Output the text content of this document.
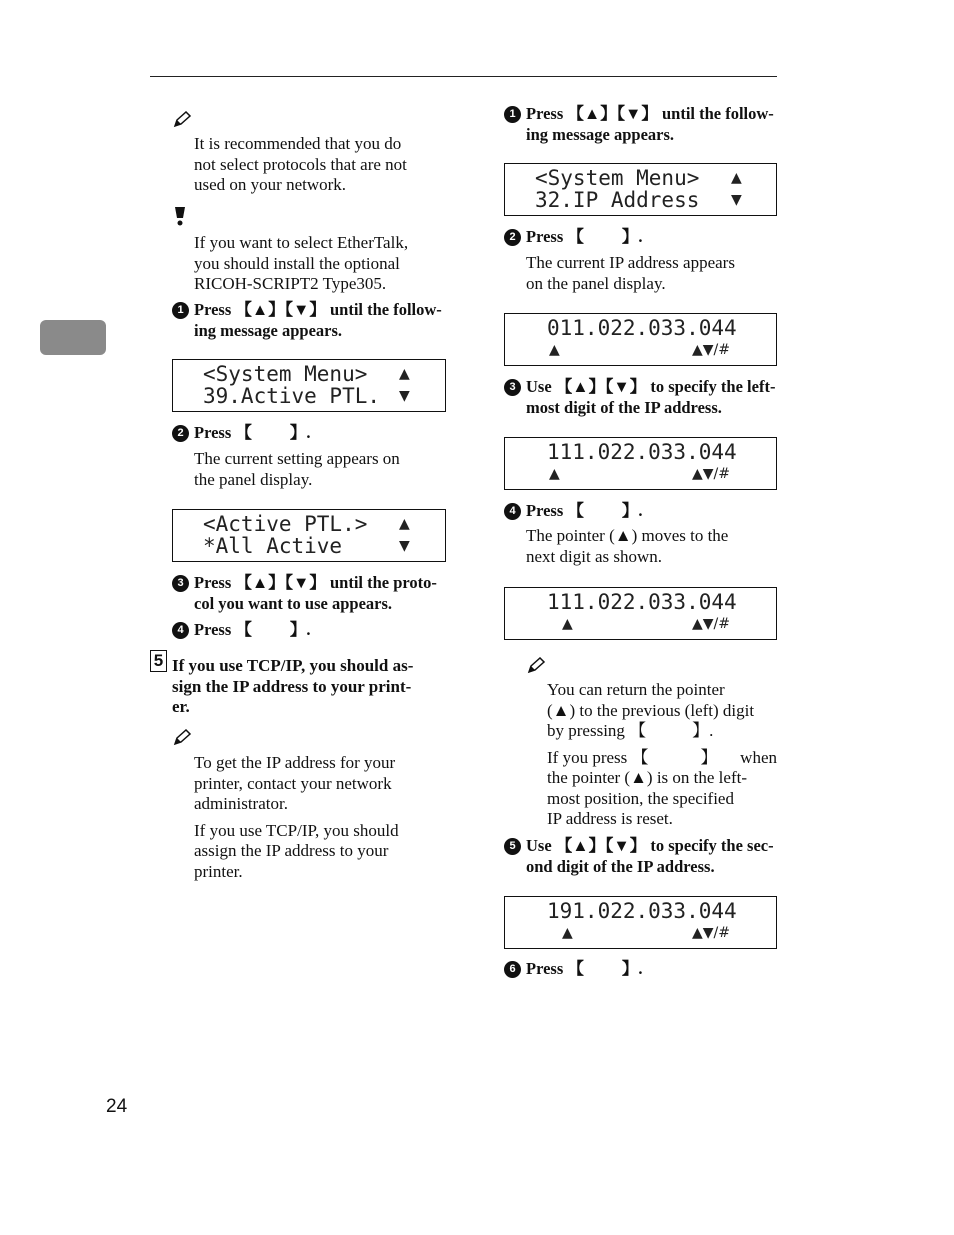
It is recommended that you do
not select protocols that are not
used on your network.
If you want to select EtherTalk,
you should install the optional
RICOH-SCRIPT2 Type305.
1 Press 【▲】【▼】 until the follow-
ing message appears.
<System Menu>
39.Active PTL.
▲
▼
2 Press 【 】.
The current setting appears on
the panel display.
<Active PTL.>
*All Active
▲
▼
3 Press 【▲】【▼】 until the proto-
col you want to use appears.
4 Press 【 】.
5 If you use TCP/IP, you should as-
sign the IP address to your print-
er.
To get the IP address for your
printer, contact your network
administrator.
If you use TCP/IP, you should
assign the IP address to your
printer.
1 Press 【▲】【▼】 until the follow-
ing message appears.
<System Menu>
32.IP Address
▲
▼
2 Press 【 】.
The current IP address appears
on the panel display.
011.022.033.044
▲	▲▼/#
3 Use 【▲】【▼】 to specify the left-
most digit of the IP address.
111.022.033.044
▲	▲▼/#
4 Press 【 】.
The pointer (▲) moves to the
next digit as shown.
111.022.033.044
▲	▲▼/#
You can return the pointer
(▲) to the previous (left) digit
by pressing 【	】.
If you press 【	】 when
the pointer (▲) is on the left-
most position, the specified
IP address is reset.
5 Use 【▲】【▼】 to specify the sec-
ond digit of the IP address.
191.022.033.044
▲	▲▼/#
6 Press 【 】.
24
